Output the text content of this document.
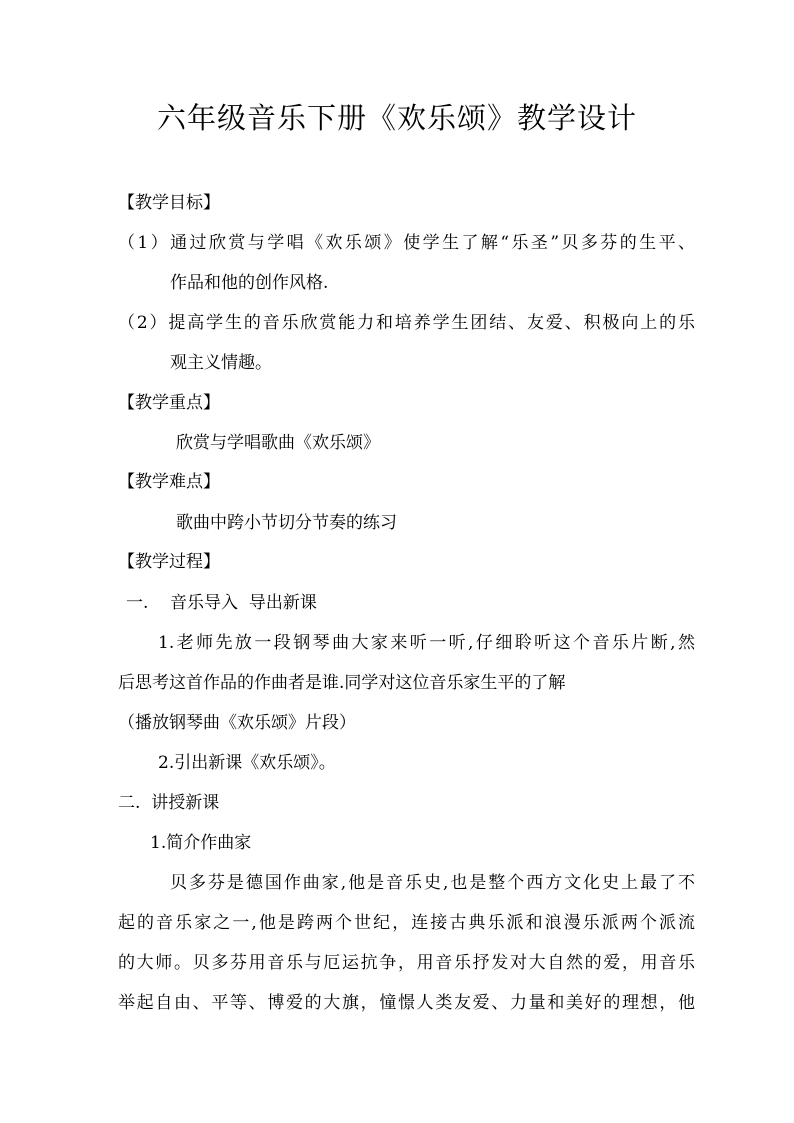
六年级音乐下册《欢乐颂》教学设计
【教学目标】
（1）通过欣赏与学唱《欢乐颂》使学生了解“乐圣”贝多芬的生平、
作品和他的创作风格.
（2）提高学生的音乐欣赏能力和培养学生团结、友爱、积极向上的乐
观主义情趣。
【教学重点】
欣赏与学唱歌曲《欢乐颂》
【教学难点】
歌曲中跨小节切分节奏的练习
【教学过程】
一.    音乐导入  导出新课
1.老师先放一段钢琴曲大家来听一听,仔细聆听这个音乐片断,然
后思考这首作品的作曲者是谁.同学对这位音乐家生平的了解
（播放钢琴曲《欢乐颂》片段）
2.引出新课《欢乐颂》。
二.  讲授新课
1.简介作曲家
贝多芬是德国作曲家,他是音乐史,也是整个西方文化史上最了不
起的音乐家之一,他是跨两个世纪，连接古典乐派和浪漫乐派两个派流
的大师。贝多芬用音乐与厄运抗争，用音乐抒发对大自然的爱，用音乐
举起自由、平等、博爱的大旗，憧憬人类友爱、力量和美好的理想，他
